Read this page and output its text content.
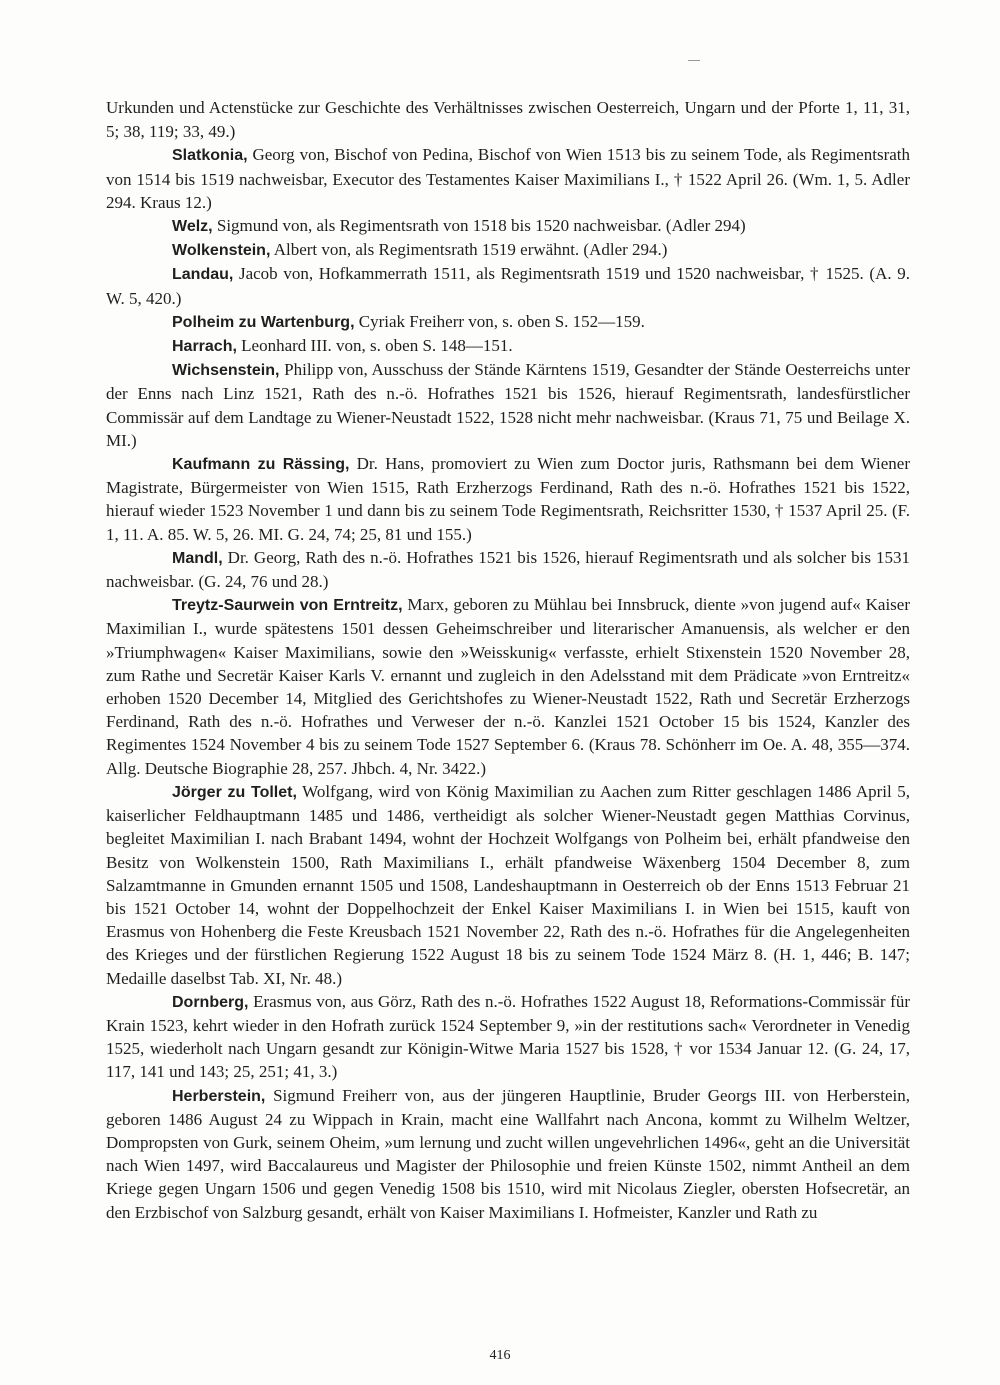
Urkunden und Actenstücke zur Geschichte des Verhältnisses zwischen Oesterreich, Ungarn und der Pforte 1, 11, 31, 5; 38, 119; 33, 49.)

Slatkonia, Georg von, Bischof von Pedina, Bischof von Wien 1513 bis zu seinem Tode, als Regimentsrath von 1514 bis 1519 nachweisbar, Executor des Testamentes Kaiser Maximilians I., † 1522 April 26. (Wm. 1, 5. Adler 294. Kraus 12.)

Welz, Sigmund von, als Regimentsrath von 1518 bis 1520 nachweisbar. (Adler 294)

Wolkenstein, Albert von, als Regimentsrath 1519 erwähnt. (Adler 294.)

Landau, Jacob von, Hofkammerrath 1511, als Regimentsrath 1519 und 1520 nachweisbar, † 1525. (A. 9. W. 5, 420.)

Polheim zu Wartenburg, Cyriak Freiherr von, s. oben S. 152—159.

Harrach, Leonhard III. von, s. oben S. 148—151.

Wichsenstein, Philipp von, Ausschuss der Stände Kärntens 1519, Gesandter der Stände Oesterreichs unter der Enns nach Linz 1521, Rath des n.-ö. Hofrathes 1521 bis 1526, hierauf Regimentsrath, landesfürstlicher Commissär auf dem Landtage zu Wiener-Neustadt 1522, 1528 nicht mehr nachweisbar. (Kraus 71, 75 und Beilage X. MI.)

Kaufmann zu Rässing, Dr. Hans, promoviert zu Wien zum Doctor juris, Rathsmann bei dem Wiener Magistrate, Bürgermeister von Wien 1515, Rath Erzherzogs Ferdinand, Rath des n.-ö. Hofrathes 1521 bis 1522, hierauf wieder 1523 November 1 und dann bis zu seinem Tode Regimentsrath, Reichsritter 1530, † 1537 April 25. (F. 1, 11. A. 85. W. 5, 26. MI. G. 24, 74; 25, 81 und 155.)

Mandl, Dr. Georg, Rath des n.-ö. Hofrathes 1521 bis 1526, hierauf Regimentsrath und als solcher bis 1531 nachweisbar. (G. 24, 76 und 28.)

Treytz-Saurwein von Erntreitz, Marx, geboren zu Mühlau bei Innsbruck, diente »von jugend auf« Kaiser Maximilian I., wurde spätestens 1501 dessen Geheimschreiber und literarischer Amanuensis, als welcher er den »Triumphwagen« Kaiser Maximilians, sowie den »Weisskunig« verfasste, erhielt Stixenstein 1520 November 28, zum Rathe und Secretär Kaiser Karls V. ernannt und zugleich in den Adelsstand mit dem Prädicate »von Erntreitz« erhoben 1520 December 14, Mitglied des Gerichtshofes zu Wiener-Neustadt 1522, Rath und Secretär Erzherzogs Ferdinand, Rath des n.-ö. Hofrathes und Verweser der n.-ö. Kanzlei 1521 October 15 bis 1524, Kanzler des Regimentes 1524 November 4 bis zu seinem Tode 1527 September 6. (Kraus 78. Schönherr im Oe. A. 48, 355—374. Allg. Deutsche Biographie 28, 257. Jhbch. 4, Nr. 3422.)

Jörger zu Tollet, Wolfgang, wird von König Maximilian zu Aachen zum Ritter geschlagen 1486 April 5, kaiserlicher Feldhauptmann 1485 und 1486, vertheidigt als solcher Wiener-Neustadt gegen Matthias Corvinus, begleitet Maximilian I. nach Brabant 1494, wohnt der Hochzeit Wolfgangs von Polheim bei, erhält pfandweise den Besitz von Wolkenstein 1500, Rath Maximilians I., erhält pfandweise Wäxenberg 1504 December 8, zum Salzamtmanne in Gmunden ernannt 1505 und 1508, Landeshauptmann in Oesterreich ob der Enns 1513 Februar 21 bis 1521 October 14, wohnt der Doppelhochzeit der Enkel Kaiser Maximilians I. in Wien bei 1515, kauft von Erasmus von Hohenberg die Feste Kreusbach 1521 November 22, Rath des n.-ö. Hofrathes für die Angelegenheiten des Krieges und der fürstlichen Regierung 1522 August 18 bis zu seinem Tode 1524 März 8. (H. 1, 446; B. 147; Medaille daselbst Tab. XI, Nr. 48.)

Dornberg, Erasmus von, aus Görz, Rath des n.-ö. Hofrathes 1522 August 18, Reformations-Commissär für Krain 1523, kehrt wieder in den Hofrath zurück 1524 September 9, »in der restitutions sach« Verordneter in Venedig 1525, wiederholt nach Ungarn gesandt zur Königin-Witwe Maria 1527 bis 1528, † vor 1534 Januar 12. (G. 24, 17, 117, 141 und 143; 25, 251; 41, 3.)

Herberstein, Sigmund Freiherr von, aus der jüngeren Hauptlinie, Bruder Georgs III. von Herberstein, geboren 1486 August 24 zu Wippach in Krain, macht eine Wallfahrt nach Ancona, kommt zu Wilhelm Weltzer, Dompropsten von Gurk, seinem Oheim, »um lernung und zucht willen ungevehrlichen 1496«, geht an die Universität nach Wien 1497, wird Baccalaureus und Magister der Philosophie und freien Künste 1502, nimmt Antheil an dem Kriege gegen Ungarn 1506 und gegen Venedig 1508 bis 1510, wird mit Nicolaus Ziegler, obersten Hofsecretär, an den Erzbischof von Salzburg gesandt, erhält von Kaiser Maximilians I. Hofmeister, Kanzler und Rath zu

416
